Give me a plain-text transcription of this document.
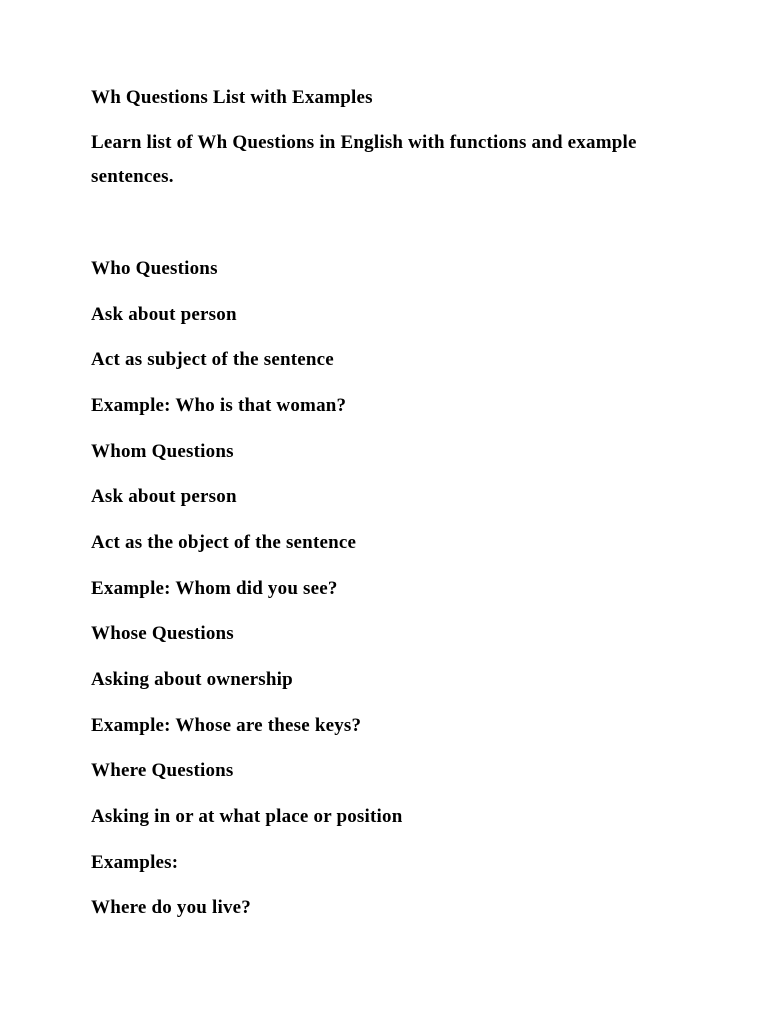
Wh Questions List with Examples
Learn list of Wh Questions in English with functions and example sentences.
Who Questions
Ask about person
Act as subject of the sentence
Example: Who is that woman?
Whom Questions
Ask about person
Act as the object of the sentence
Example: Whom did you see?
Whose Questions
Asking about ownership
Example: Whose are these keys?
Where Questions
Asking in or at what place or position
Examples:
Where do you live?
